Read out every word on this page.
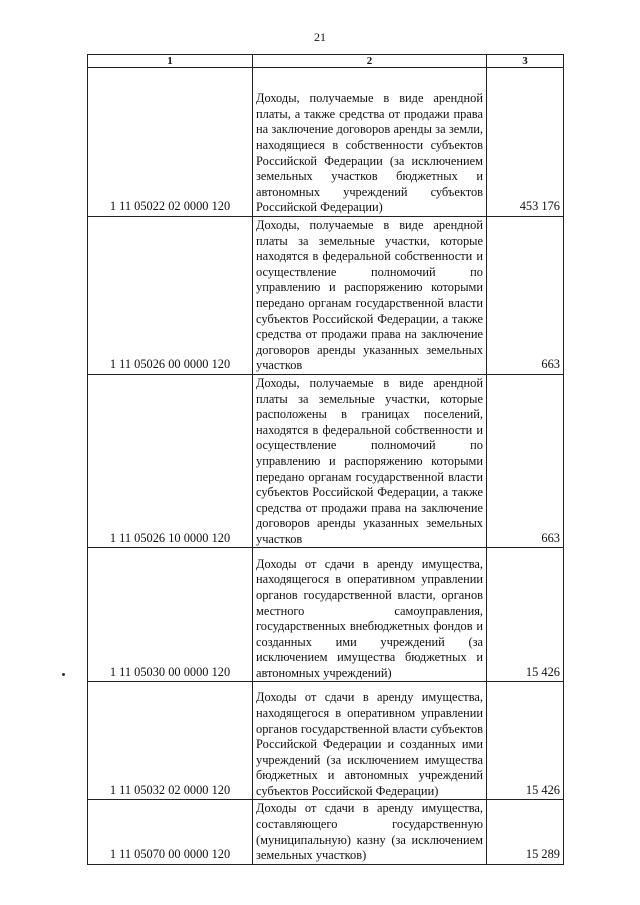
21
1	2	3
1 11 05022 02 0000 120	Доходы, получаемые в виде арендной платы, а также средства от продажи права на заключение договоров аренды за земли, находящиеся в собственности субъектов Российской Федерации (за исключением земельных участков бюджетных и автономных учреждений субъектов Российской Федерации)	453 176
1 11 05026 00 0000 120	Доходы, получаемые в виде арендной платы за земельные участки, которые находятся в федеральной собственности и осуществление полномочий по управлению и распоряжению которыми передано органам государственной власти субъектов Российской Федерации, а также средства от продажи права на заключение договоров аренды указанных земельных участков	663
1 11 05026 10 0000 120	Доходы, получаемые в виде арендной платы за земельные участки, которые расположены в границах поселений, находятся в федеральной собственности и осуществление полномочий по управлению и распоряжению которыми передано органам государственной власти субъектов Российской Федерации, а также средства от продажи права на заключение договоров аренды указанных земельных участков	663
1 11 05030 00 0000 120	Доходы от сдачи в аренду имущества, находящегося в оперативном управлении органов государственной власти, органов местного самоуправления, государственных внебюджетных фондов и созданных ими учреждений (за исключением имущества бюджетных и автономных учреждений)	15 426
1 11 05032 02 0000 120	Доходы от сдачи в аренду имущества, находящегося в оперативном управлении органов государственной власти субъектов Российской Федерации и созданных ими учреждений (за исключением имущества бюджетных и автономных учреждений субъектов Российской Федерации)	15 426
1 11 05070 00 0000 120	Доходы от сдачи в аренду имущества, составляющего государственную (муниципальную) казну (за исключением земельных участков)	15 289
